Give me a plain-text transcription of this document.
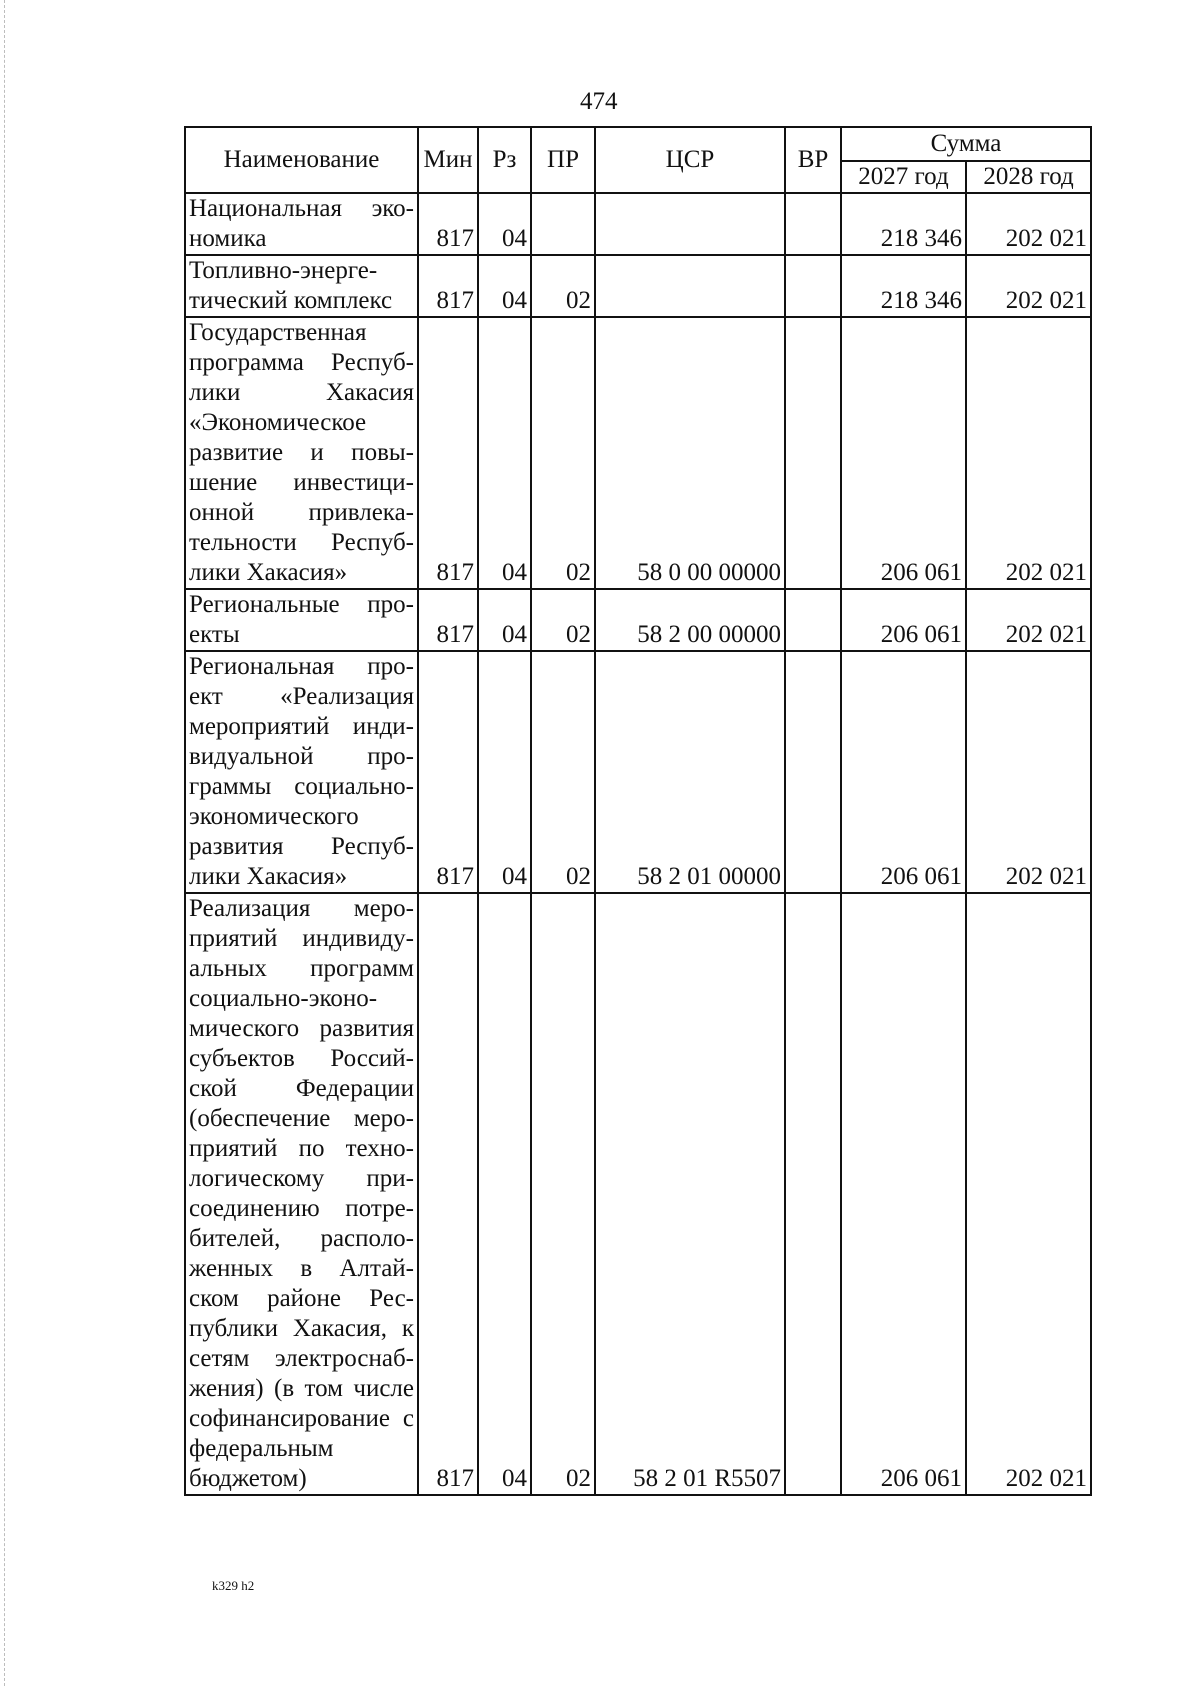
474
Наименование	Мин	Рз	ПР	ЦСР	ВР	Сумма	
						2027 год	2028 год
Национальная эко-номика	817	04				218 346	202 021
Топливно-энерге-тический комплекс	817	04	02			218 346	202 021
Государственная программа Респуб-лики Хакасия «Экономическое развитие и повы-шение инвестици-онной привлека-тельности Респуб-лики Хакасия»	817	04	02	58 0 00 00000		206 061	202 021
Региональные про-екты	817	04	02	58 2 00 00000		206 061	202 021
Региональная про-ект «Реализация мероприятий инди-видуальной про-граммы социально-экономического развития Респуб-лики Хакасия»	817	04	02	58 2 01 00000		206 061	202 021
Реализация меро-приятий индивиду-альных программ социально-эконо-мического развития субъектов Россий-ской Федерации (обеспечение меро-приятий по техно-логическому при-соединению потре-бителей, располо-женных в Алтай-ском районе Рес-публики Хакасия, к сетям электроснаб-жения) (в том числе софинансирование с федеральным бюджетом)	817	04	02	58 2 01 R5507		206 061	202 021
k329 h2
